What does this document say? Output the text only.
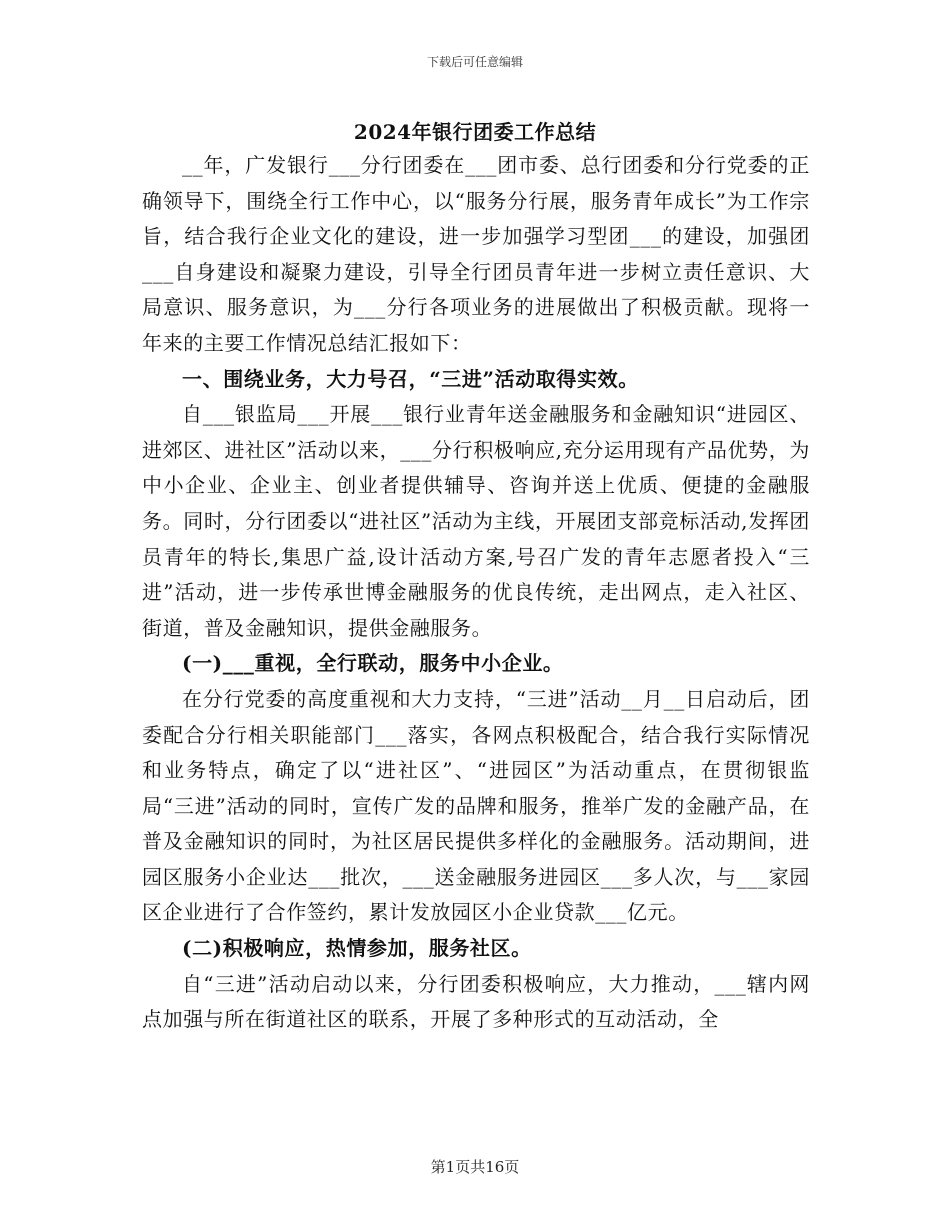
下载后可任意编辑
2024年银行团委工作总结

__年，广发银行___分行团委在___团市委、总行团委和分行党委的正确领导下，围绕全行工作中心，以“服务分行展，服务青年成长”为工作宗旨，结合我行企业文化的建设，进一步加强学习型团___的建设，加强团___自身建设和凝聚力建设，引导全行团员青年进一步树立责任意识、大局意识、服务意识，为___分行各项业务的进展做出了积极贡献。现将一年来的主要工作情况总结汇报如下：

一、围绕业务，大力号召，“三进”活动取得实效。

自___银监局___开展___银行业青年送金融服务和金融知识“进园区、进郊区、进社区”活动以来，___分行积极响应,充分运用现有产品优势，为中小企业、企业主、创业者提供辅导、咨询并送上优质、便捷的金融服务。同时，分行团委以“进社区”活动为主线，开展团支部竞标活动,发挥团员青年的特长,集思广益,设计活动方案,号召广发的青年志愿者投入“三进”活动，进一步传承世博金融服务的优良传统，走出网点，走入社区、街道，普及金融知识，提供金融服务。

(一)___重视，全行联动，服务中小企业。

在分行党委的高度重视和大力支持，“三进”活动__月__日启动后，团委配合分行相关职能部门___落实，各网点积极配合，结合我行实际情况和业务特点，确定了以“进社区”、“进园区”为活动重点，在贯彻银监局“三进”活动的同时，宣传广发的品牌和服务，推举广发的金融产品，在普及金融知识的同时，为社区居民提供多样化的金融服务。活动期间，进园区服务小企业达___批次，___送金融服务进园区___多人次，与___家园区企业进行了合作签约，累计发放园区小企业贷款___亿元。

(二)积极响应，热情参加，服务社区。

自“三进”活动启动以来，分行团委积极响应，大力推动，___辖内网点加强与所在街道社区的联系，开展了多种形式的互动活动，全

第1页共16页
